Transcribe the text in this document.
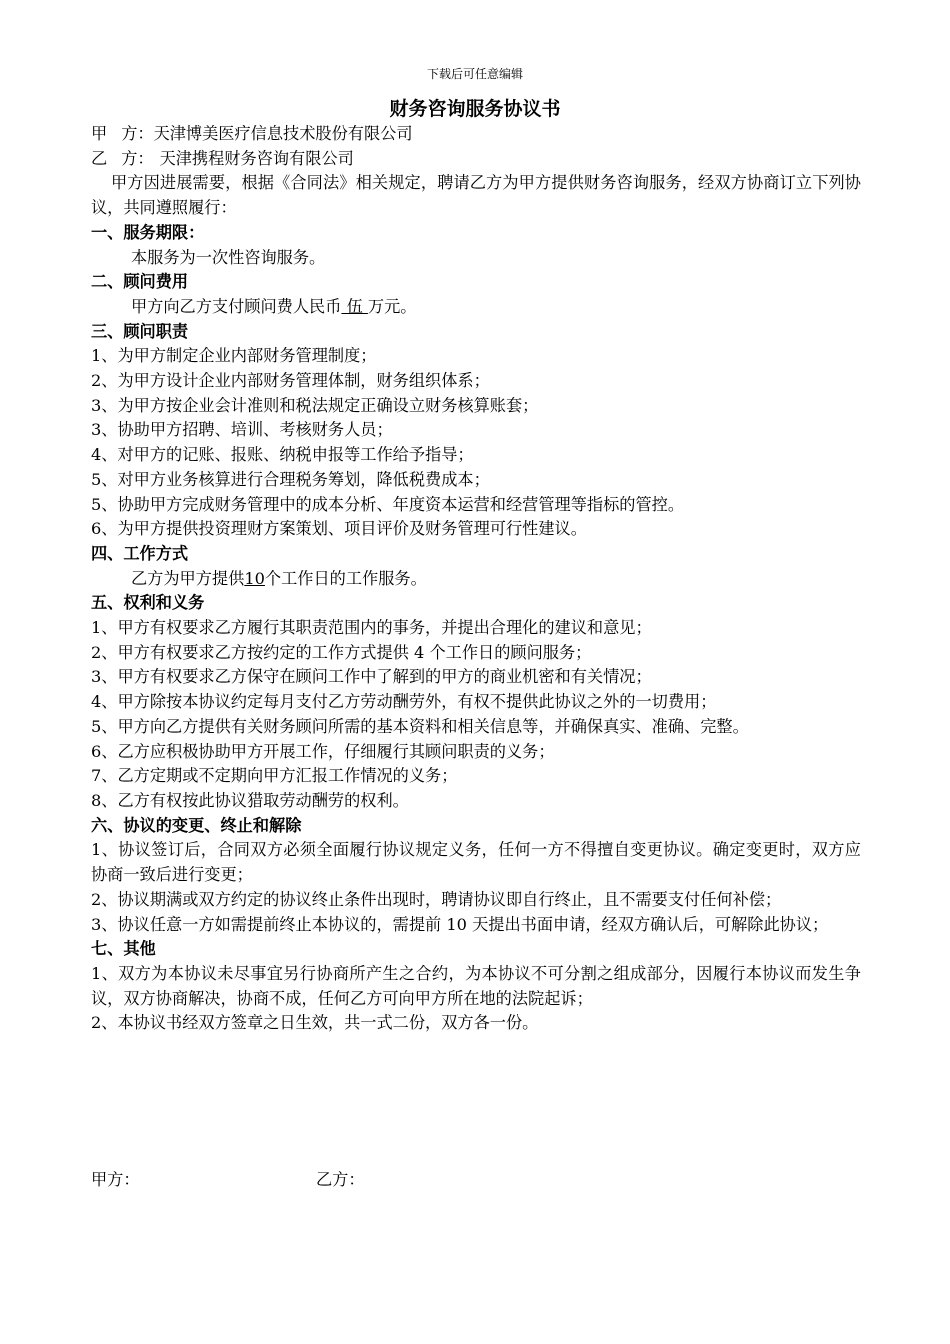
下载后可任意编辑
财务咨询服务协议书

甲 方：天津博美医疗信息技术股份有限公司

乙 方： 天津携程财务咨询有限公司

甲方因进展需要，根据《合同法》相关规定，聘请乙方为甲方提供财务咨询服务，经双方协商订立下列协议，共同遵照履行：

一、服务期限：

本服务为一次性咨询服务。

二、顾问费用

甲方向乙方支付顾问费人民币 伍 万元。

三、顾问职责

1、为甲方制定企业内部财务管理制度；

2、为甲方设计企业内部财务管理体制，财务组织体系；

3、为甲方按企业会计准则和税法规定正确设立财务核算账套；

3、协助甲方招聘、培训、考核财务人员；

4、对甲方的记账、报账、纳税申报等工作给予指导；

5、对甲方业务核算进行合理税务筹划，降低税费成本；

5、协助甲方完成财务管理中的成本分析、年度资本运营和经营管理等指标的管控。

6、为甲方提供投资理财方案策划、项目评价及财务管理可行性建议。

四、工作方式

乙方为甲方提供10个工作日的工作服务。

五、权利和义务

1、甲方有权要求乙方履行其职责范围内的事务，并提出合理化的建议和意见；

2、甲方有权要求乙方按约定的工作方式提供 4 个工作日的顾问服务；

3、甲方有权要求乙方保守在顾问工作中了解到的甲方的商业机密和有关情况；

4、甲方除按本协议约定每月支付乙方劳动酬劳外，有权不提供此协议之外的一切费用；

5、甲方向乙方提供有关财务顾问所需的基本资料和相关信息等，并确保真实、准确、完整。

6、乙方应积极协助甲方开展工作，仔细履行其顾问职责的义务；

7、乙方定期或不定期向甲方汇报工作情况的义务；

8、乙方有权按此协议猎取劳动酬劳的权利。

六、协议的变更、终止和解除

1、协议签订后，合同双方必须全面履行协议规定义务，任何一方不得擅自变更协议。确定变更时，双方应协商一致后进行变更；

2、协议期满或双方约定的协议终止条件出现时，聘请协议即自行终止，且不需要支付任何补偿；

3、协议任意一方如需提前终止本协议的，需提前 10 天提出书面申请，经双方确认后，可解除此协议；

七、其他

1、双方为本协议未尽事宜另行协商所产生之合约，为本协议不可分割之组成部分，因履行本协议而发生争议，双方协商解决，协商不成，任何乙方可向甲方所在地的法院起诉；

2、本协议书经双方签章之日生效，共一式二份，双方各一份。

甲方：	乙方：
